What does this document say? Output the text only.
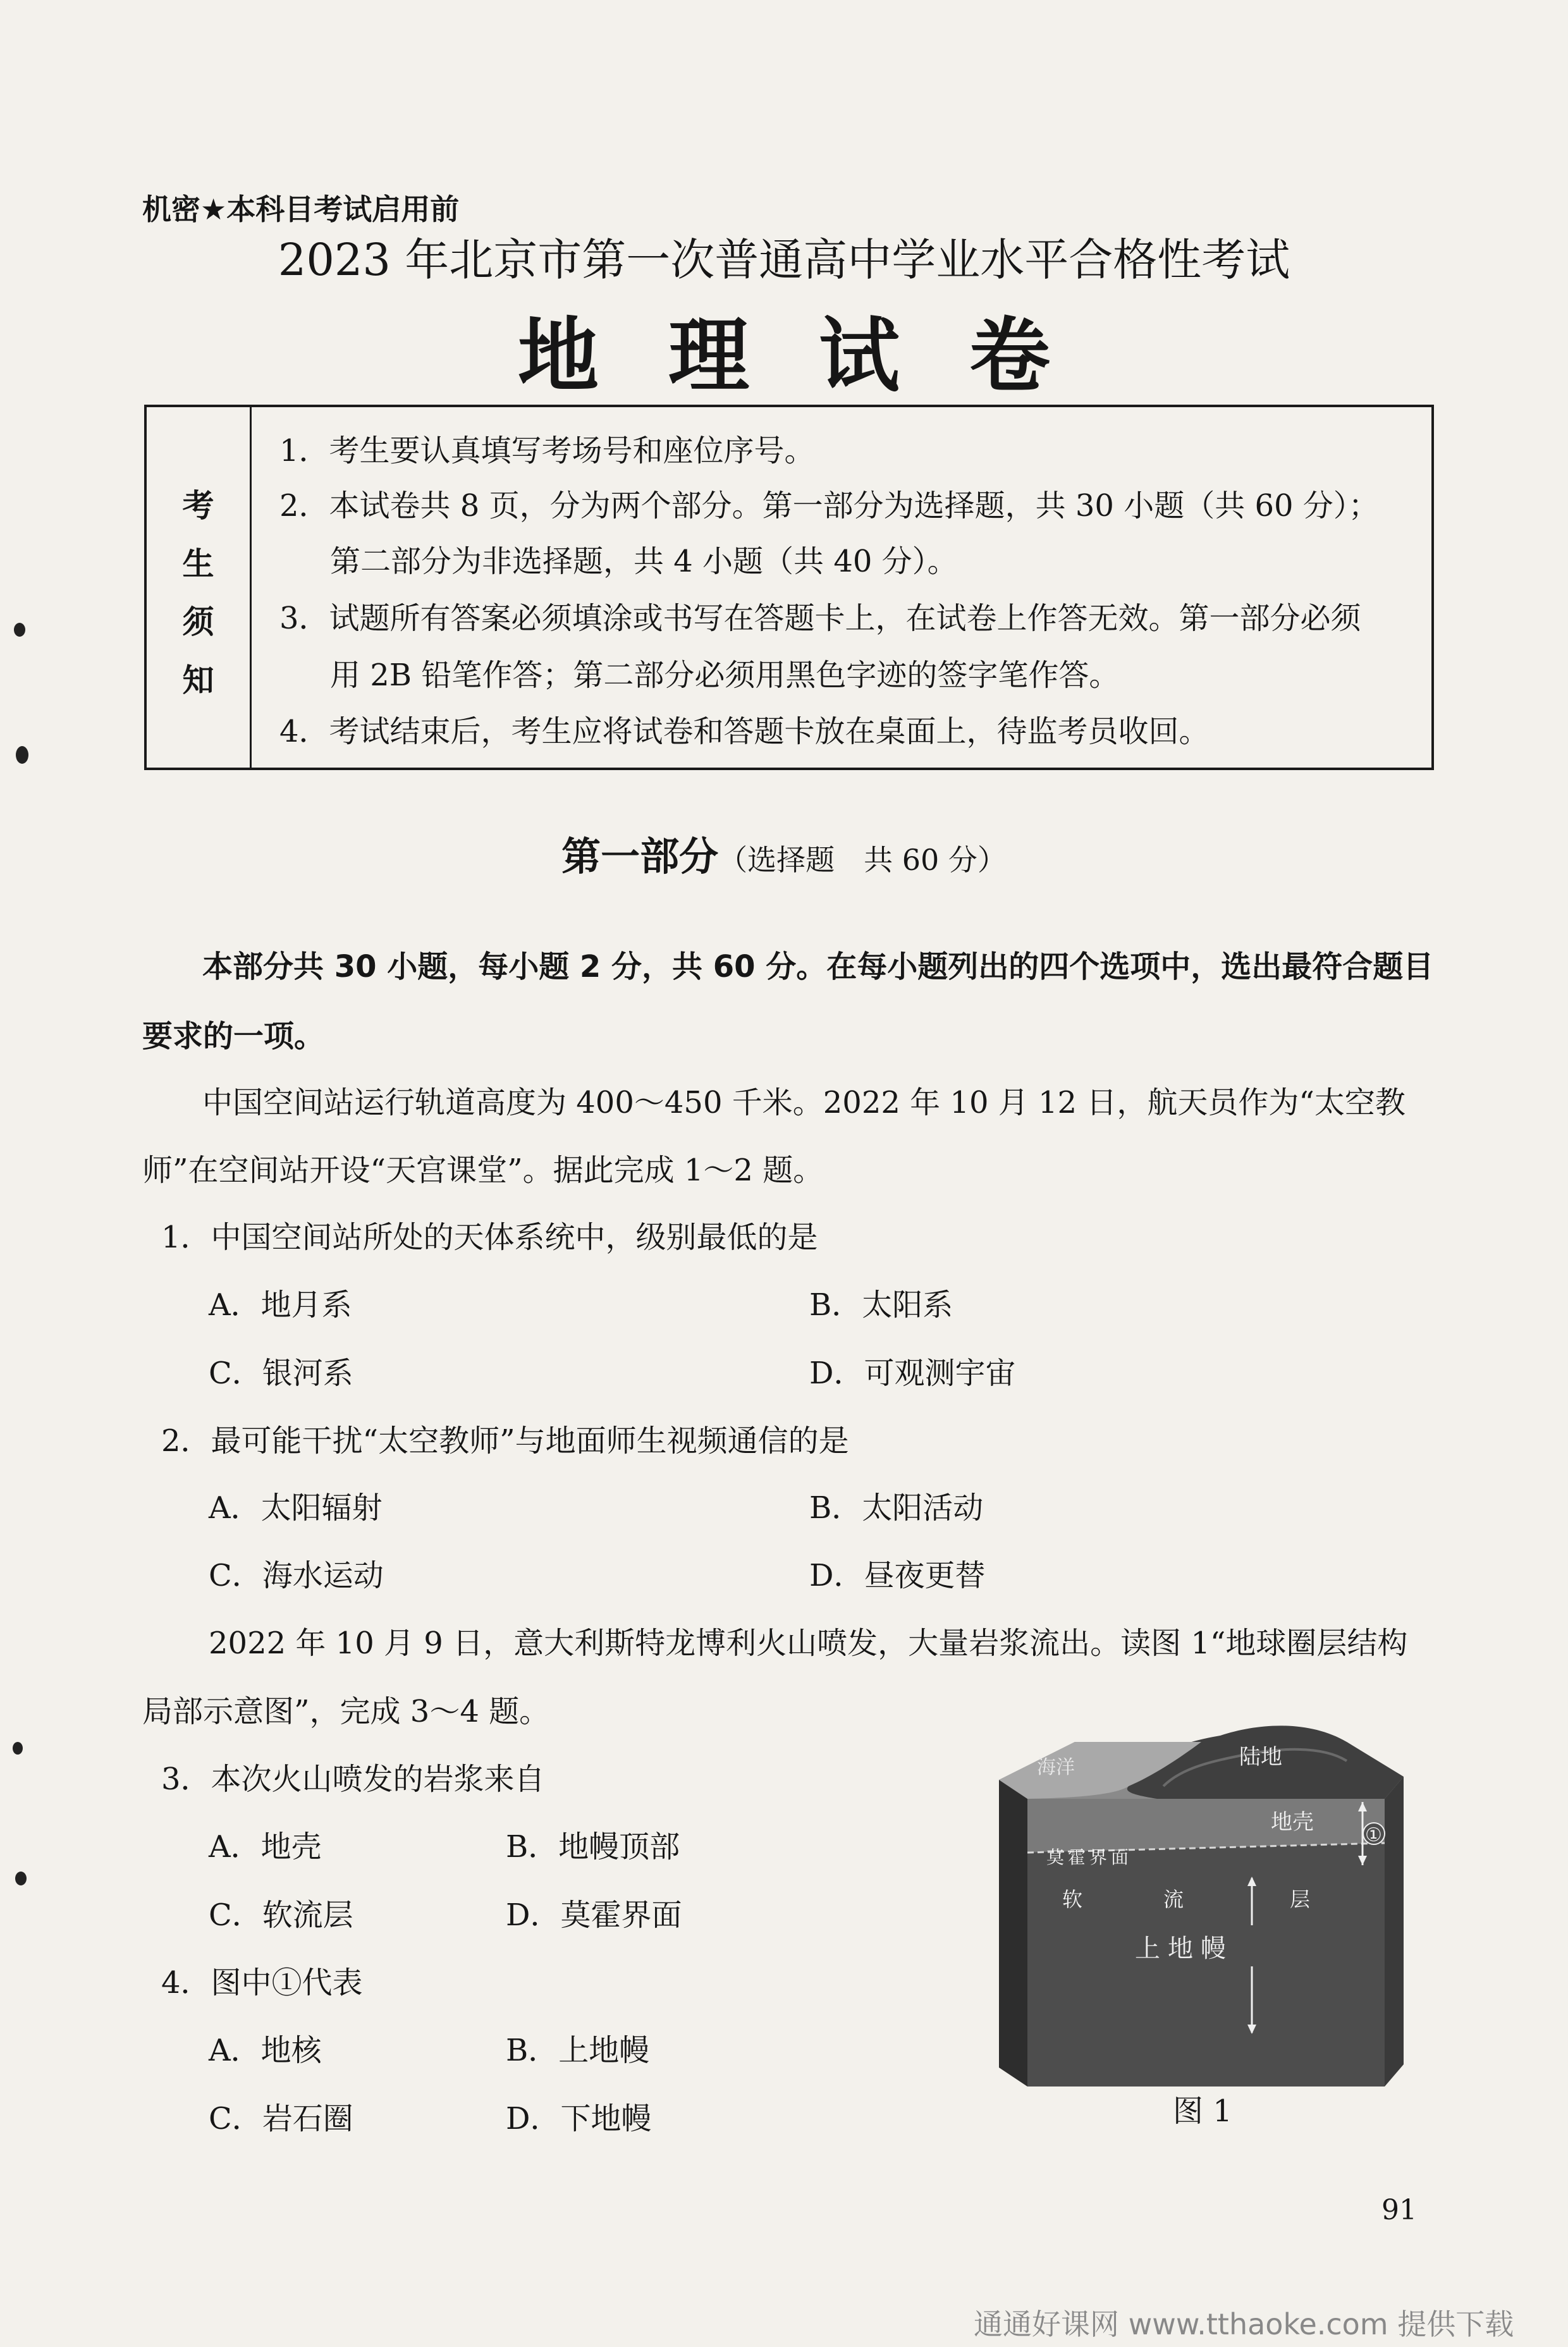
机密★本科目考试启用前
2023 年北京市第一次普通高中学业水平合格性考试
地理试卷
考
生
须
知
1．考生要认真填写考场号和座位序号。
2．本试卷共 8 页，分为两个部分。第一部分为选择题，共 30 小题（共 60 分）；
第二部分为非选择题，共 4 小题（共 40 分）。
3．试题所有答案必须填涂或书写在答题卡上，在试卷上作答无效。第一部分必须
用 2B 铅笔作答；第二部分必须用黑色字迹的签字笔作答。
4．考试结束后，考生应将试卷和答题卡放在桌面上，待监考员收回。
第一部分（选择题　共 60 分）
本部分共 30 小题，每小题 2 分，共 60 分。在每小题列出的四个选项中，选出最符合题目
要求的一项。
中国空间站运行轨道高度为 400～450 千米。2022 年 10 月 12 日，航天员作为“太空教
师”在空间站开设“天宫课堂”。据此完成 1～2 题。
1．中国空间站所处的天体系统中，级别最低的是
A．地月系	B．太阳系
C．银河系	D．可观测宇宙
2．最可能干扰“太空教师”与地面师生视频通信的是
A．太阳辐射	B．太阳活动
C．海水运动	D．昼夜更替
2022 年 10 月 9 日，意大利斯特龙博利火山喷发，大量岩浆流出。读图 1“地球圈层结构
局部示意图”，完成 3～4 题。
3．本次火山喷发的岩浆来自
A．地壳	B．地幔顶部
C．软流层	D．莫霍界面
4．图中①代表
A．地核	B．上地幔
C．岩石圈	D．下地幔
海洋	陆地
地壳
莫霍界面
软	流	层
上地幔
①
图 1
91
通通好课网 www.tthaoke.com 提供下载
